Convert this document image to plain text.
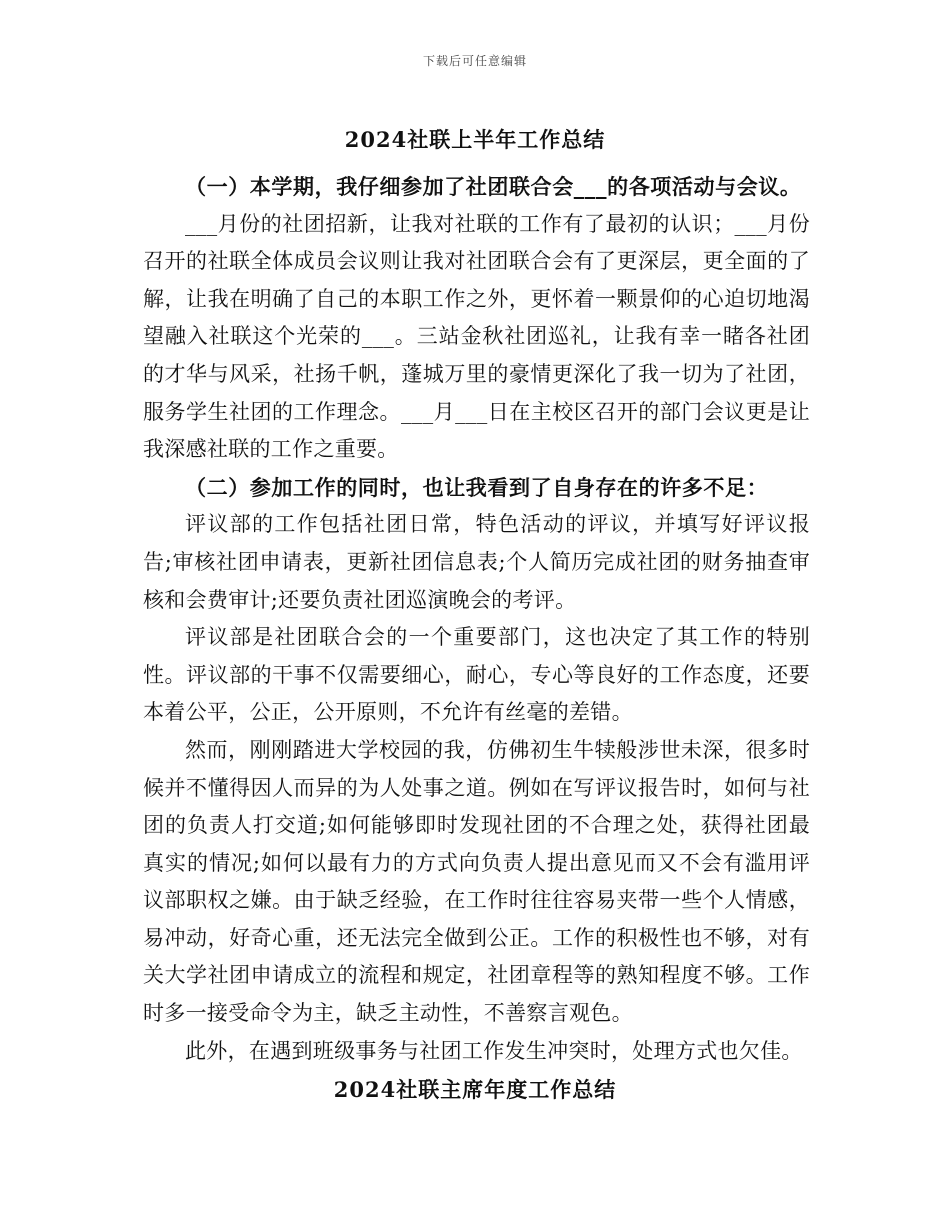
下载后可任意编辑
2024社联上半年工作总结

（一）本学期，我仔细参加了社团联合会___的各项活动与会议。

___月份的社团招新，让我对社联的工作有了最初的认识；___月份召开的社联全体成员会议则让我对社团联合会有了更深层，更全面的了解，让我在明确了自己的本职工作之外，更怀着一颗景仰的心迫切地渴望融入社联这个光荣的___。三站金秋社团巡礼，让我有幸一睹各社团的才华与风采，社扬千帆，蓬城万里的豪情更深化了我一切为了社团，服务学生社团的工作理念。___月___日在主校区召开的部门会议更是让我深感社联的工作之重要。

（二）参加工作的同时，也让我看到了自身存在的许多不足：

评议部的工作包括社团日常，特色活动的评议，并填写好评议报告;审核社团申请表，更新社团信息表;个人简历完成社团的财务抽查审核和会费审计;还要负责社团巡演晚会的考评。

评议部是社团联合会的一个重要部门，这也决定了其工作的特别性。评议部的干事不仅需要细心，耐心，专心等良好的工作态度，还要本着公平，公正，公开原则，不允许有丝毫的差错。

然而，刚刚踏进大学校园的我，仿佛初生牛犊般涉世未深，很多时候并不懂得因人而异的为人处事之道。例如在写评议报告时，如何与社团的负责人打交道;如何能够即时发现社团的不合理之处，获得社团最真实的情况;如何以最有力的方式向负责人提出意见而又不会有滥用评议部职权之嫌。由于缺乏经验，在工作时往往容易夹带一些个人情感，易冲动，好奇心重，还无法完全做到公正。工作的积极性也不够，对有关大学社团申请成立的流程和规定，社团章程等的熟知程度不够。工作时多一接受命令为主，缺乏主动性，不善察言观色。

此外，在遇到班级事务与社团工作发生冲突时，处理方式也欠佳。

2024社联主席年度工作总结
